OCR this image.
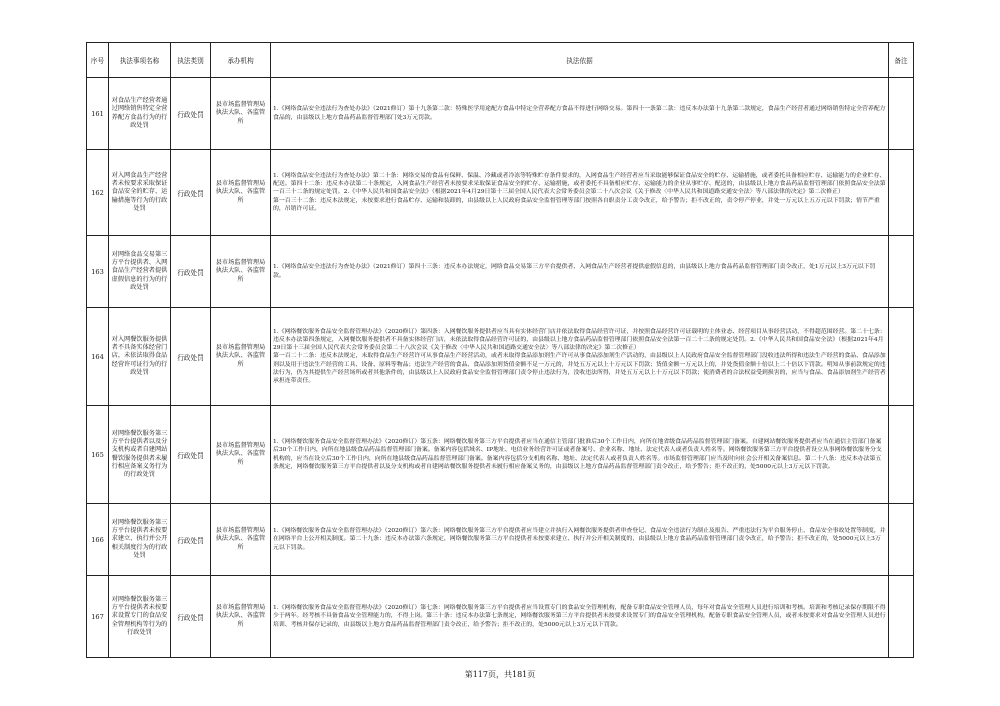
序号	执法事项名称	执法类别	承办机构	执法依据	备注
161	对食品生产经营者通过网络销售特定全营养配方食品行为的行政处罚	行政处罚	县市场监督管理局执法大队、各监管所	1.《网络食品安全违法行为查处办法》（2021修订）第十九条第二款：特殊医学用途配方食品中特定全营养配方食品不得进行网络交易。第四十一条第二款：违反本办法第十九条第二款规定，食品生产经营者通过网络销售特定全营养配方食品的，由县级以上地方食品药品监督管理部门处3万元罚款。	
162	对入网食品生产经营者未按要求采取保证食品安全的贮存、运输措施等行为的行政处罚	行政处罚	县市场监督管理局执法大队、各监管所	1.《网络食品安全违法行为查处办法》第二十条：网络交易的食品有保鲜、保温、冷藏或者冷冻等特殊贮存条件要求的，入网食品生产经营者应当采取能够保证食品安全的贮存、运输措施，或者委托具备相应贮存、运输能力的企业贮存、配送。第四十二条：违反本办法第二十条规定，入网食品生产经营者未按要求采取保证食品安全的贮存、运输措施，或者委托不具备相应贮存、运输能力的企业从事贮存、配送的，由县级以上地方食品药品监督管理部门依照食品安全法第一百三十二条的规定处罚。2.《中华人民共和国食品安全法》（根据2021年4月29日第十三届全国人民代表大会常务委员会第二十八次会议《关于修改〈中华人民共和国道路交通安全法〉等八部法律的决定》第二次修正）
第一百三十二条：违反本法规定，未按要求进行食品贮存、运输和装卸的，由县级以上人民政府食品安全监督管理等部门按照各自职责分工责令改正，给予警告；拒不改正的，责令停产停业，并处一万元以上五万元以下罚款；情节严重的，吊销许可证。	
163	对网络食品交易第三方平台提供者、入网食品生产经营者提供虚假信息的行为的行政处罚	行政处罚	县市场监督管理局执法大队、各监管所	1.《网络食品安全违法行为查处办法》（2021修订）第四十三条：违反本办法规定，网络食品交易第三方平台提供者、入网食品生产经营者提供虚假信息的，由县级以上地方食品药品监督管理部门责令改正，处1万元以上3万元以下罚款。	
164	对入网餐饮服务提供者不具备实体经营门店，未依法取得食品经营许可证行为的行政处罚	行政处罚	县市场监督管理局执法大队、各监管所	1.《网络餐饮服务食品安全监督管理办法》（2020修订）第四条：入网餐饮服务提供者应当具有实体经营门店并依法取得食品经营许可证，并按照食品经营许可证载明的主体业态、经营项目从事经营活动，不得超范围经营。第二十七条：违反本办法第四条规定，入网餐饮服务提供者不具备实体经营门店，未依法取得食品经营许可证的，由县级以上地方食品药品监督管理部门依照食品安全法第一百二十二条的规定处罚。2.《中华人民共和国食品安全法》（根据2021年4月29日第十三届全国人民代表大会常务委员会第二十八次会议《关于修改〈中华人民共和国道路交通安全法〉等八部法律的决定》第二次修正）
第一百二十二条：违反本法规定，未取得食品生产经营许可从事食品生产经营活动，或者未取得食品添加剂生产许可从事食品添加剂生产活动的，由县级以上人民政府食品安全监督管理部门没收违法所得和违法生产经营的食品、食品添加剂以及用于违法生产经营的工具、设备、原料等物品；违法生产经营的食品、食品添加剂货值金额不足一万元的，并处五万元以上十万元以下罚款；货值金额一万元以上的，并处货值金额十倍以上二十倍以下罚款。明知从事前款规定的违法行为，仍为其提供生产经营场所或者其他条件的，由县级以上人民政府食品安全监督管理部门责令停止违法行为，没收违法所得，并处五万元以上十万元以下罚款；使消费者的合法权益受到损害的，应当与食品、食品添加剂生产经营者承担连带责任。	
165	对网络餐饮服务第三方平台提供者以及分支机构或者自建网站餐饮服务提供者未履行相应备案义务行为的行政处罚	行政处罚	县市场监督管理局执法大队、各监管所	1.《网络餐饮服务食品安全监督管理办法》（2020修订）第五条：网络餐饮服务第三方平台提供者应当在通信主管部门批准后30个工作日内，向所在地省级食品药品监督管理部门备案。自建网站餐饮服务提供者应当在通信主管部门备案后30个工作日内，向所在地县级食品药品监督管理部门备案。备案内容包括域名、IP地址、电信业务经营许可证或者备案号、企业名称、地址、法定代表人或者负责人姓名等。网络餐饮服务第三方平台提供者设立从事网络餐饮服务分支机构的，应当在设立后30个工作日内，向所在地县级食品药品监督管理部门备案。备案内容包括分支机构名称、地址、法定代表人或者负责人姓名等。市场监督管理部门应当及时向社会公开相关备案信息。第二十八条：违反本办法第五条规定，网络餐饮服务第三方平台提供者以及分支机构或者自建网站餐饮服务提供者未履行相应备案义务的，由县级以上地方食品药品监督管理部门责令改正，给予警告；拒不改正的，处5000元以上3万元以下罚款。	
166	对网络餐饮服务第三方平台提供者未按要求建立、执行并公开相关制度行为的行政处罚	行政处罚	县市场监督管理局执法大队、各监管所	1.《网络餐饮服务食品安全监督管理办法》（2020修订）第六条：网络餐饮服务第三方平台提供者应当建立并执行入网餐饮服务提供者审查登记、食品安全违法行为制止及报告、严重违法行为平台服务停止、食品安全事故处置等制度，并在网络平台上公开相关制度。第二十九条：违反本办法第六条规定，网络餐饮服务第三方平台提供者未按要求建立、执行并公开相关制度的，由县级以上地方食品药品监督管理部门责令改正，给予警告；拒不改正的，处5000元以上3万元以下罚款。	
167	对网络餐饮服务第三方平台提供者未按要求设置专门的食品安全管理机构等行为的行政处罚	行政处罚	县市场监督管理局执法大队、各监管所	1.《网络餐饮服务食品安全监督管理办法》（2020修订）第七条：网络餐饮服务第三方平台提供者应当设置专门的食品安全管理机构，配备专职食品安全管理人员，每年对食品安全管理人员进行培训和考核。培训和考核记录保存期限不得少于两年。经考核不具备食品安全管理能力的，不得上岗。第三十条：违反本办法第七条规定，网络餐饮服务第三方平台提供者未按要求设置专门的食品安全管理机构，配备专职食品安全管理人员，或者未按要求对食品安全管理人员进行培训、考核并保存记录的，由县级以上地方食品药品监督管理部门责令改正，给予警告；拒不改正的，处5000元以上3万元以下罚款。	
第117页，共181页
